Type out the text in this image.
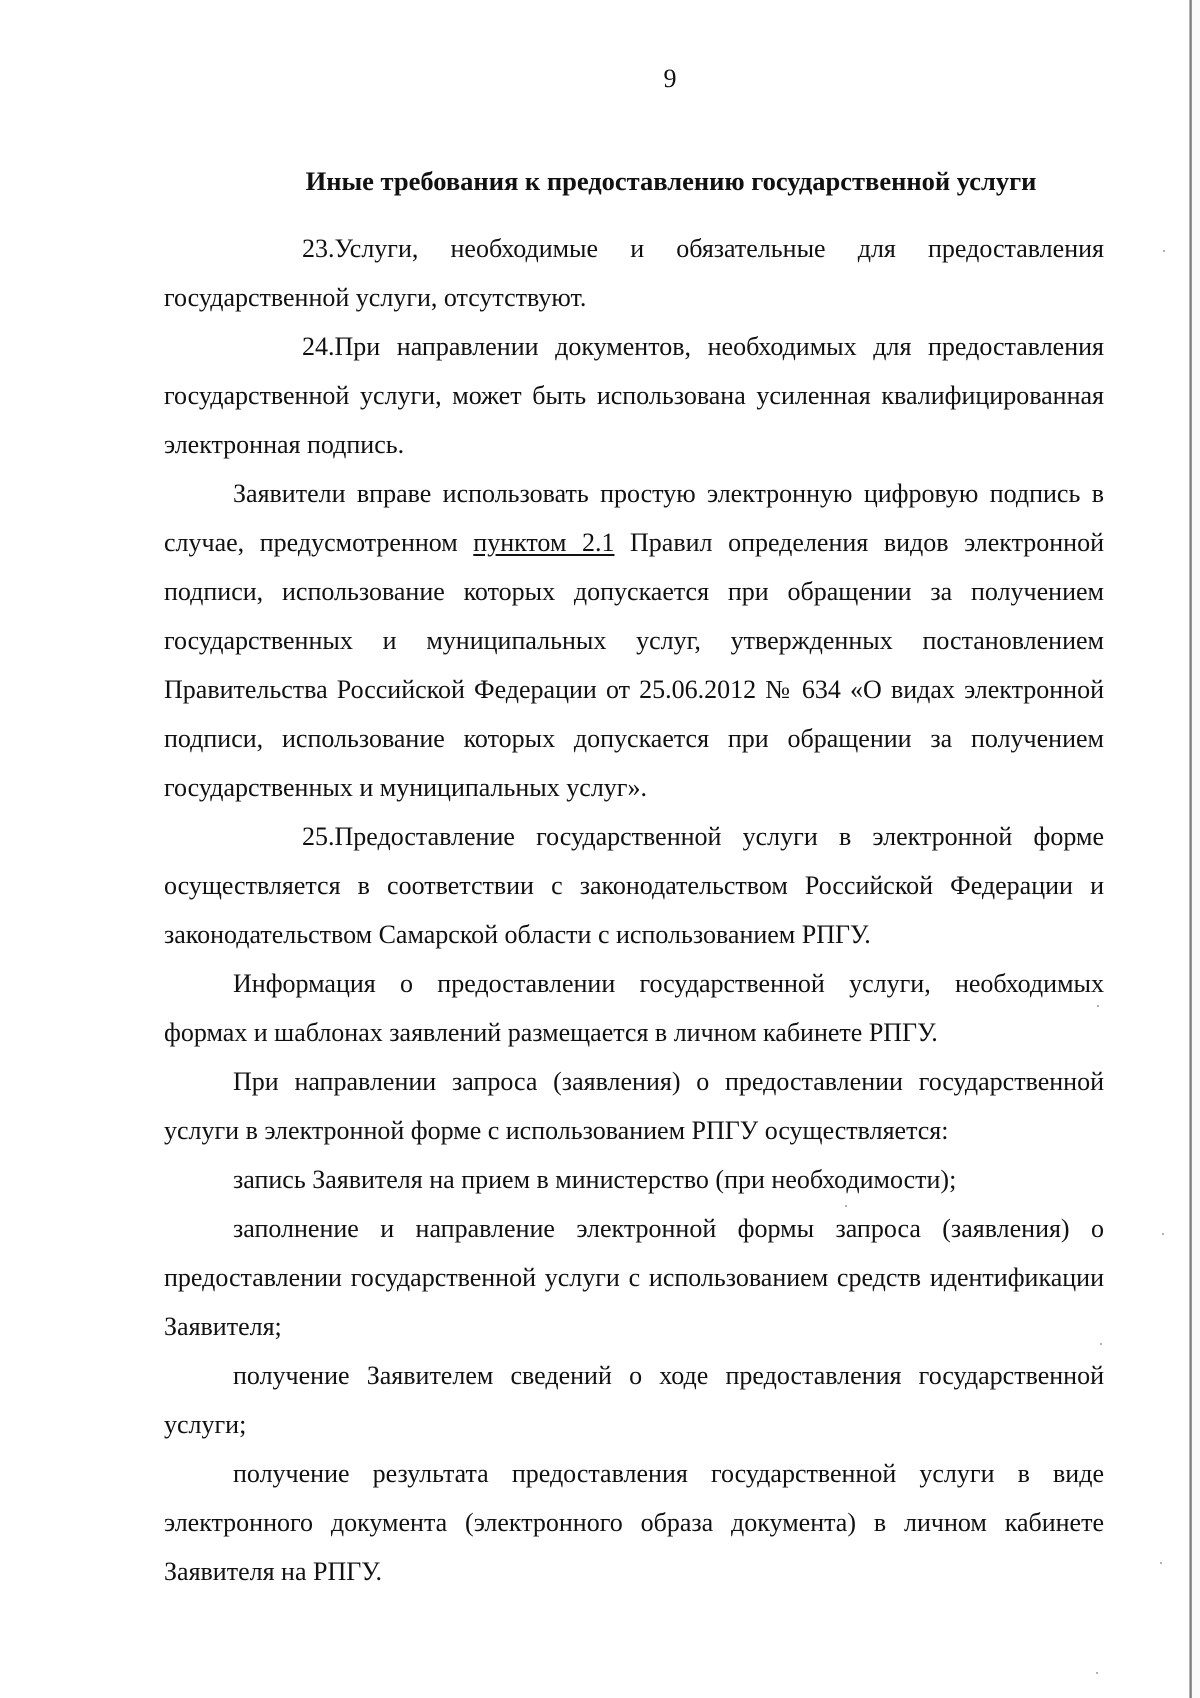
9
Иные требования к предоставлению государственной услуги

23.Услуги, необходимые и обязательные для предоставления государственной услуги, отсутствуют.

24.При направлении документов, необходимых для предоставления государственной услуги, может быть использована усиленная квалифицированная электронная подпись.

Заявители вправе использовать простую электронную цифровую подпись в случае, предусмотренном пунктом 2.1 Правил определения видов электронной подписи, использование которых допускается при обращении за получением государственных и муниципальных услуг, утвержденных постановлением Правительства Российской Федерации от 25.06.2012 № 634 «О видах электронной подписи, использование которых допускается при обращении за получением государственных и муниципальных услуг».

25.Предоставление государственной услуги в электронной форме осуществляется в соответствии с законодательством Российской Федерации и законодательством Самарской области с использованием РПГУ.

Информация о предоставлении государственной услуги, необходимых формах и шаблонах заявлений размещается в личном кабинете РПГУ.

При направлении запроса (заявления) о предоставлении государственной услуги в электронной форме с использованием РПГУ осуществляется:

запись Заявителя на прием в министерство (при необходимости);

заполнение и направление электронной формы запроса (заявления) о предоставлении государственной услуги с использованием средств идентификации Заявителя;

получение Заявителем сведений о ходе предоставления государственной услуги;

получение результата предоставления государственной услуги в виде электронного документа (электронного образа документа) в личном кабинете Заявителя на РПГУ.
